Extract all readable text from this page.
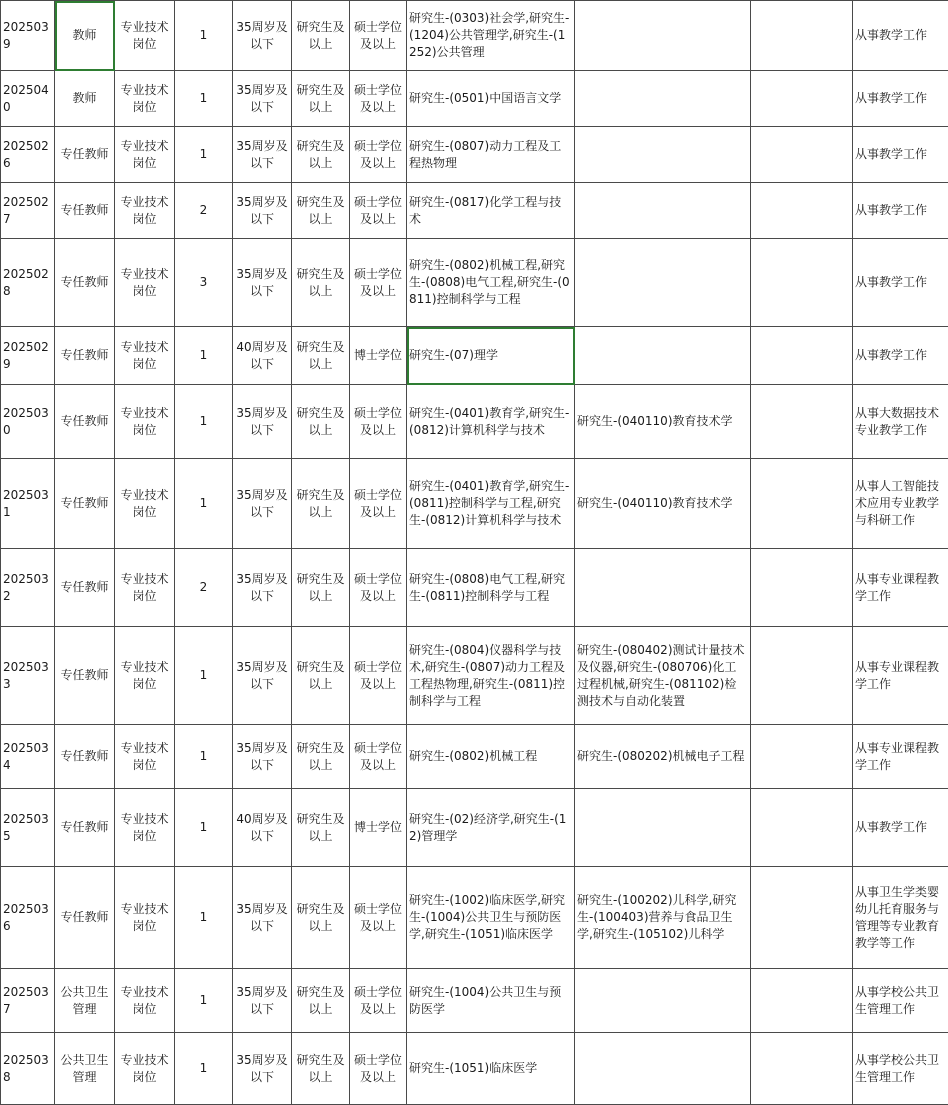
2025039	教师	专业技术岗位	1	35周岁及以下	研究生及以上	硕士学位及以上	研究生-(0303)社会学,研究生-(1204)公共管理学,研究生-(1252)公共管理			从事教学工作
2025040	教师	专业技术岗位	1	35周岁及以下	研究生及以上	硕士学位及以上	研究生-(0501)中国语言文学			从事教学工作
2025026	专任教师	专业技术岗位	1	35周岁及以下	研究生及以上	硕士学位及以上	研究生-(0807)动力工程及工程热物理			从事教学工作
2025027	专任教师	专业技术岗位	2	35周岁及以下	研究生及以上	硕士学位及以上	研究生-(0817)化学工程与技术			从事教学工作
2025028	专任教师	专业技术岗位	3	35周岁及以下	研究生及以上	硕士学位及以上	研究生-(0802)机械工程,研究生-(0808)电气工程,研究生-(0811)控制科学与工程			从事教学工作
2025029	专任教师	专业技术岗位	1	40周岁及以下	研究生及以上	博士学位	研究生-(07)理学			从事教学工作
2025030	专任教师	专业技术岗位	1	35周岁及以下	研究生及以上	硕士学位及以上	研究生-(0401)教育学,研究生-(0812)计算机科学与技术	研究生-(040110)教育技术学		从事大数据技术专业教学工作
2025031	专任教师	专业技术岗位	1	35周岁及以下	研究生及以上	硕士学位及以上	研究生-(0401)教育学,研究生-(0811)控制科学与工程,研究生-(0812)计算机科学与技术	研究生-(040110)教育技术学		从事人工智能技术应用专业教学与科研工作
2025032	专任教师	专业技术岗位	2	35周岁及以下	研究生及以上	硕士学位及以上	研究生-(0808)电气工程,研究生-(0811)控制科学与工程			从事专业课程教学工作
2025033	专任教师	专业技术岗位	1	35周岁及以下	研究生及以上	硕士学位及以上	研究生-(0804)仪器科学与技术,研究生-(0807)动力工程及工程热物理,研究生-(0811)控制科学与工程	研究生-(080402)测试计量技术及仪器,研究生-(080706)化工过程机械,研究生-(081102)检测技术与自动化装置		从事专业课程教学工作
2025034	专任教师	专业技术岗位	1	35周岁及以下	研究生及以上	硕士学位及以上	研究生-(0802)机械工程	研究生-(080202)机械电子工程		从事专业课程教学工作
2025035	专任教师	专业技术岗位	1	40周岁及以下	研究生及以上	博士学位	研究生-(02)经济学,研究生-(12)管理学			从事教学工作
2025036	专任教师	专业技术岗位	1	35周岁及以下	研究生及以上	硕士学位及以上	研究生-(1002)临床医学,研究生-(1004)公共卫生与预防医学,研究生-(1051)临床医学	研究生-(100202)儿科学,研究生-(100403)营养与食品卫生学,研究生-(105102)儿科学		从事卫生学类婴幼儿托育服务与管理等专业教育教学等工作
2025037	公共卫生管理	专业技术岗位	1	35周岁及以下	研究生及以上	硕士学位及以上	研究生-(1004)公共卫生与预防医学			从事学校公共卫生管理工作
2025038	公共卫生管理	专业技术岗位	1	35周岁及以下	研究生及以上	硕士学位及以上	研究生-(1051)临床医学			从事学校公共卫生管理工作
